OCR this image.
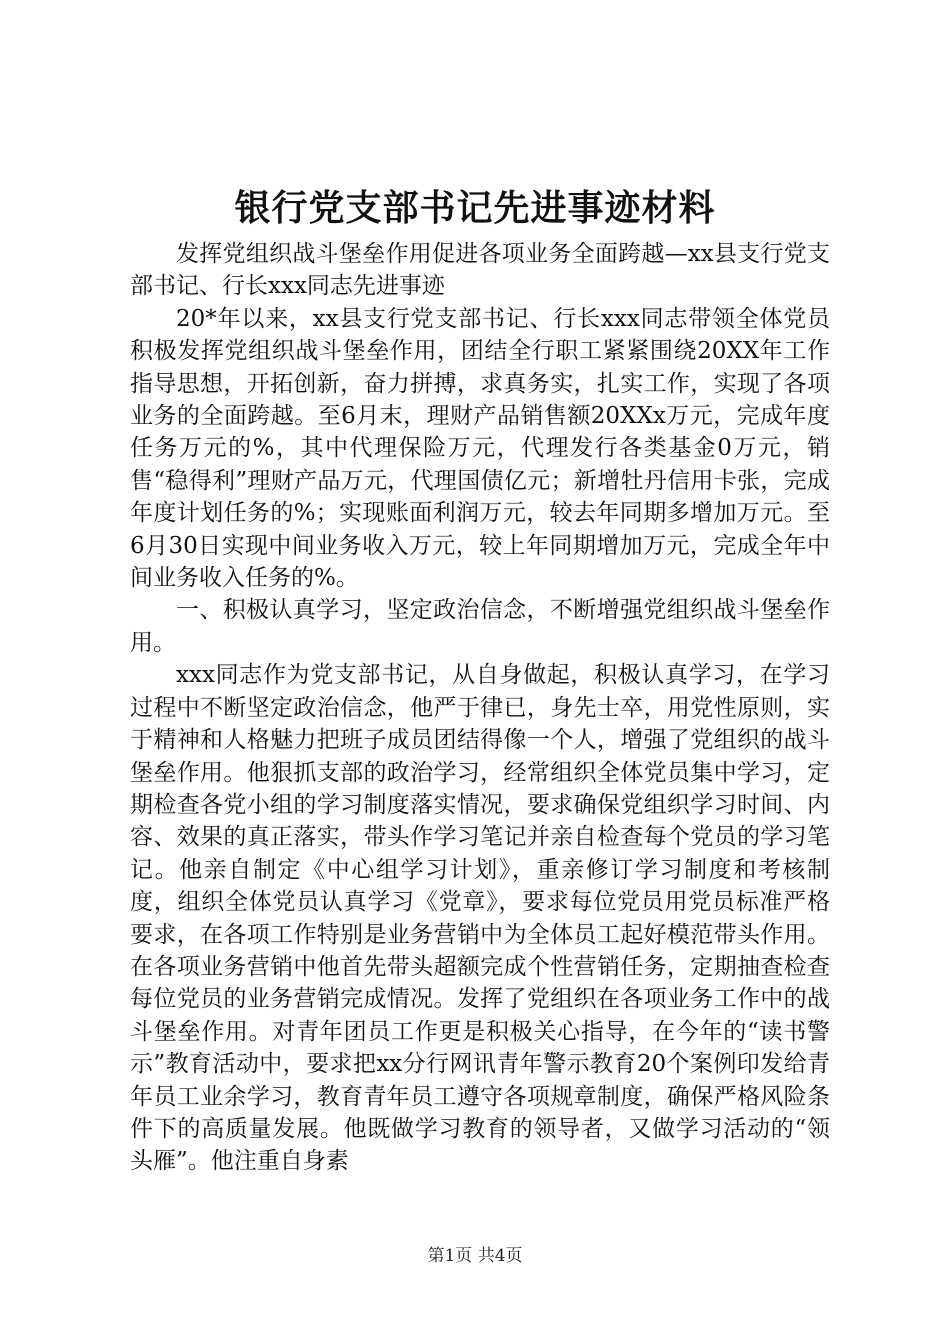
银行党支部书记先进事迹材料

发挥党组织战斗堡垒作用促进各项业务全面跨越—xx县支行党支部书记、行长xxx同志先进事迹

20*年以来，xx县支行党支部书记、行长xxx同志带领全体党员积极发挥党组织战斗堡垒作用，团结全行职工紧紧围绕20XX年工作指导思想，开拓创新，奋力拼搏，求真务实，扎实工作，实现了各项业务的全面跨越。至6月末，理财产品销售额20XXx万元，完成年度任务万元的%，其中代理保险万元，代理发行各类基金0万元，销售“稳得利”理财产品万元，代理国债亿元；新增牡丹信用卡张，完成年度计划任务的%；实现账面利润万元，较去年同期多增加万元。至6月30日实现中间业务收入万元，较上年同期增加万元，完成全年中间业务收入任务的%。

一、积极认真学习，坚定政治信念，不断增强党组织战斗堡垒作用。

xxx同志作为党支部书记，从自身做起，积极认真学习，在学习过程中不断坚定政治信念，他严于律已，身先士卒，用党性原则，实于精神和人格魅力把班子成员团结得像一个人，增强了党组织的战斗堡垒作用。他狠抓支部的政治学习，经常组织全体党员集中学习，定期检查各党小组的学习制度落实情况，要求确保党组织学习时间、内容、效果的真正落实，带头作学习笔记并亲自检查每个党员的学习笔记。他亲自制定《中心组学习计划》，重亲修订学习制度和考核制度，组织全体党员认真学习《党章》，要求每位党员用党员标准严格要求，在各项工作特别是业务营销中为全体员工起好模范带头作用。在各项业务营销中他首先带头超额完成个性营销任务，定期抽查检查每位党员的业务营销完成情况。发挥了党组织在各项业务工作中的战斗堡垒作用。对青年团员工作更是积极关心指导，在今年的“读书警示”教育活动中，要求把xx分行网讯青年警示教育20个案例印发给青年员工业余学习，教育青年员工遵守各项规章制度，确保严格风险条件下的高质量发展。他既做学习教育的领导者，又做学习活动的“领头雁”。他注重自身素

第1页 共4页
